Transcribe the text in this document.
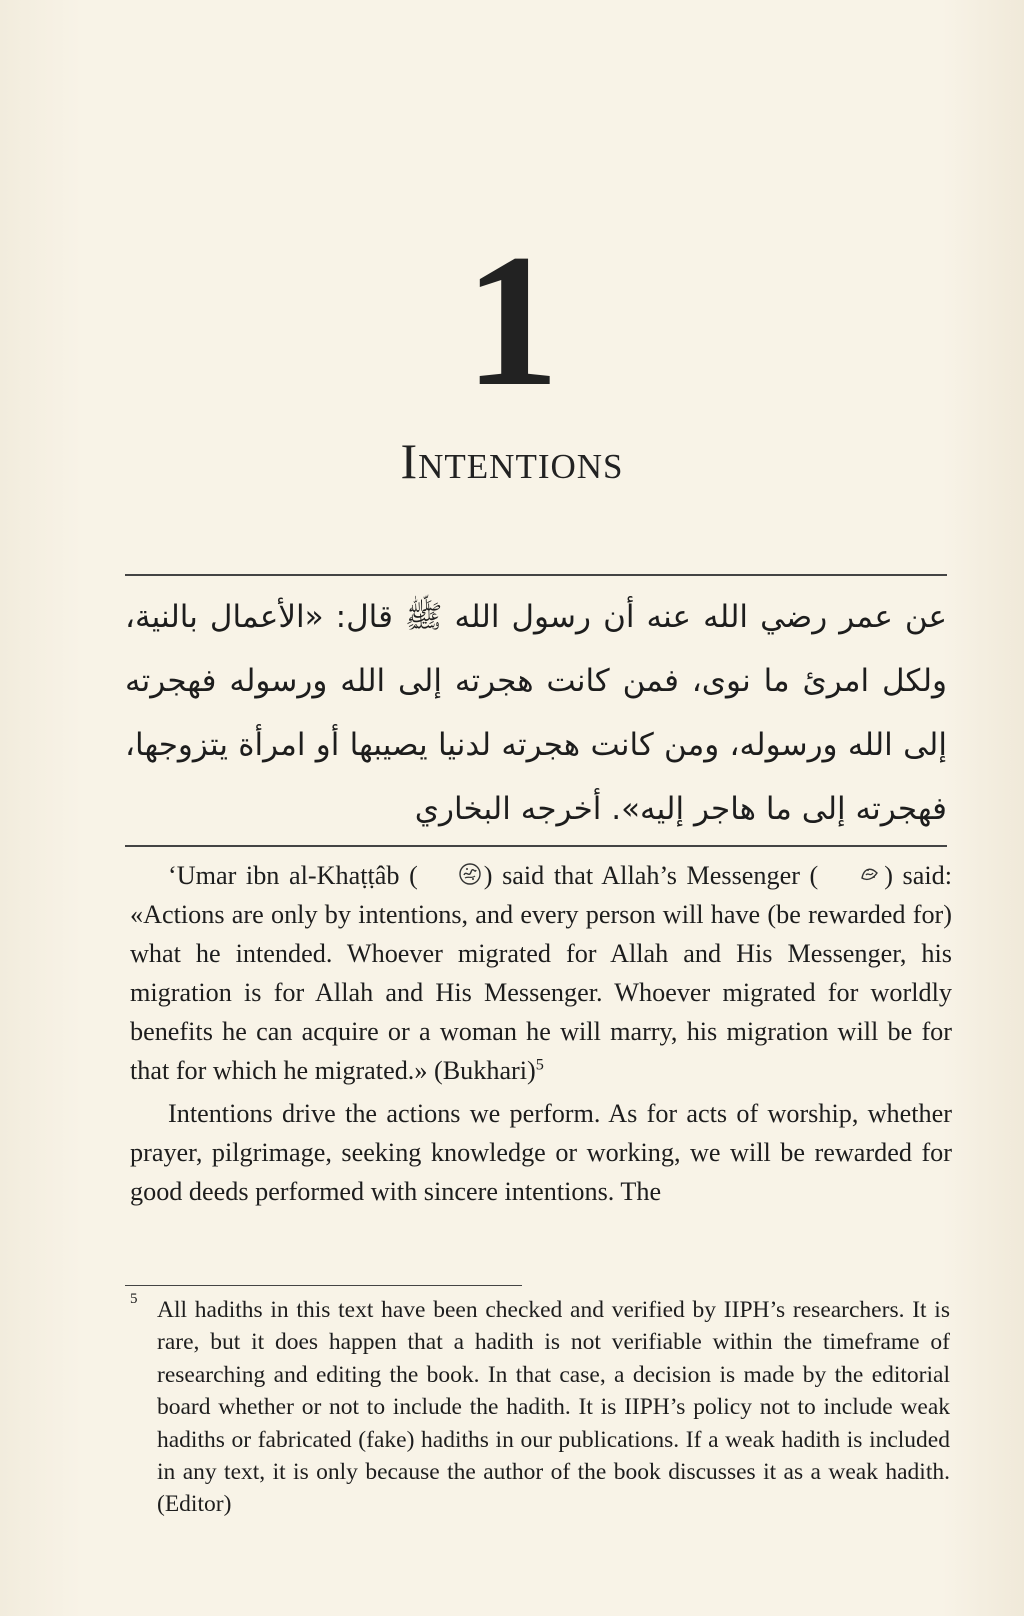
1
Intentions
عن عمر رضي الله عنه أن رسول الله ﷺ قال: «الأعمال بالنية، ولكل امرئ ما نوى، فمن كانت هجرته إلى الله ورسوله فهجرته إلى الله ورسوله، ومن كانت هجرته لدنيا يصيبها أو امرأة يتزوجها، فهجرته إلى ما هاجر إليه». أخرجه البخاري

‘Umar ibn al-Khaṭṭâb (	) said that Allah’s Messenger (	) said: «Actions are only by intentions, and every person will have (be rewarded for) what he intended. Whoever migrated for Allah and His Messenger, his migration is for Allah and His Messenger. Whoever migrated for worldly benefits he can acquire or a woman he will marry, his migration will be for that for which he migrated.» (Bukhari)$^5$

Intentions drive the actions we perform. As for acts of worship, whether prayer, pilgrimage, seeking knowledge or working, we will be rewarded for good deeds performed with sincere intentions. The

5 All hadiths in this text have been checked and verified by IIPH’s researchers. It is rare, but it does happen that a hadith is not verifiable within the timeframe of researching and editing the book. In that case, a decision is made by the editorial board whether or not to include the hadith. It is IIPH’s policy not to include weak hadiths or fabricated (fake) hadiths in our publications. If a weak hadith is included in any text, it is only because the author of the book discusses it as a weak hadith. (Editor)
